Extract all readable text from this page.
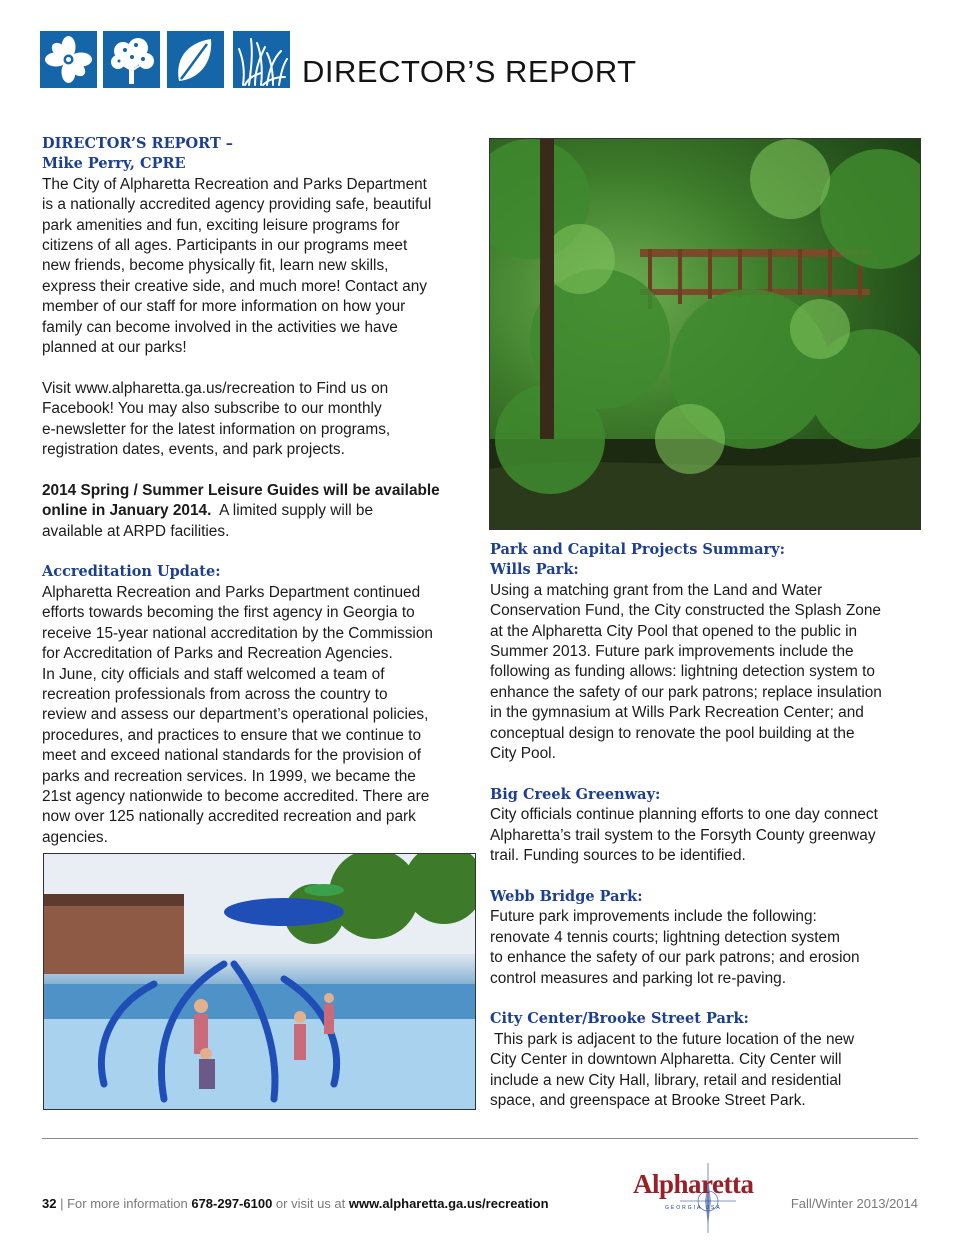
DIRECTOR’S REPORT
DIRECTOR’S REPORT –
Mike Perry, CPRE
The City of Alpharetta Recreation and Parks Department
is a nationally accredited agency providing safe, beautiful
park amenities and fun, exciting leisure programs for
citizens of all ages. Participants in our programs meet
new friends, become physically fit, learn new skills,
express their creative side, and much more! Contact any
member of our staff for more information on how your
family can become involved in the activities we have
planned at our parks!
Visit www.alpharetta.ga.us/recreation to Find us on
Facebook! You may also subscribe to our monthly
e-newsletter for the latest information on programs,
registration dates, events, and park projects.
2014 Spring / Summer Leisure Guides will be available
online in January 2014.  A limited supply will be
available at ARPD facilities.
Accreditation Update:
Alpharetta Recreation and Parks Department continued
efforts towards becoming the first agency in Georgia to
receive 15-year national accreditation by the Commission
for Accreditation of Parks and Recreation Agencies.
In June, city officials and staff welcomed a team of
recreation professionals from across the country to
review and assess our department’s operational policies,
procedures, and practices to ensure that we continue to
meet and exceed national standards for the provision of
parks and recreation services. In 1999, we became the
21st agency nationwide to become accredited. There are
now over 125 nationally accredited recreation and park
agencies.
Park and Capital Projects Summary:
Wills Park:
Using a matching grant from the Land and Water
Conservation Fund, the City constructed the Splash Zone
at the Alpharetta City Pool that opened to the public in
Summer 2013. Future park improvements include the
following as funding allows: lightning detection system to
enhance the safety of our park patrons; replace insulation
in the gymnasium at Wills Park Recreation Center; and
conceptual design to renovate the pool building at the
City Pool.
Big Creek Greenway:
City officials continue planning efforts to one day connect
Alpharetta’s trail system to the Forsyth County greenway
trail. Funding sources to be identified.
Webb Bridge Park:
Future park improvements include the following:
renovate 4 tennis courts; lightning detection system
to enhance the safety of our park patrons; and erosion
control measures and parking lot re-paving.
City Center/Brooke Street Park:
This park is adjacent to the future location of the new
City Center in downtown Alpharetta. City Center will
include a new City Hall, library, retail and residential
space, and greenspace at Brooke Street Park.
32 | For more information 678-297-6100 or visit us at www.alpharetta.ga.us/recreation
Alpharetta
GEORGIA USA	Fall/Winter 2013/2014
